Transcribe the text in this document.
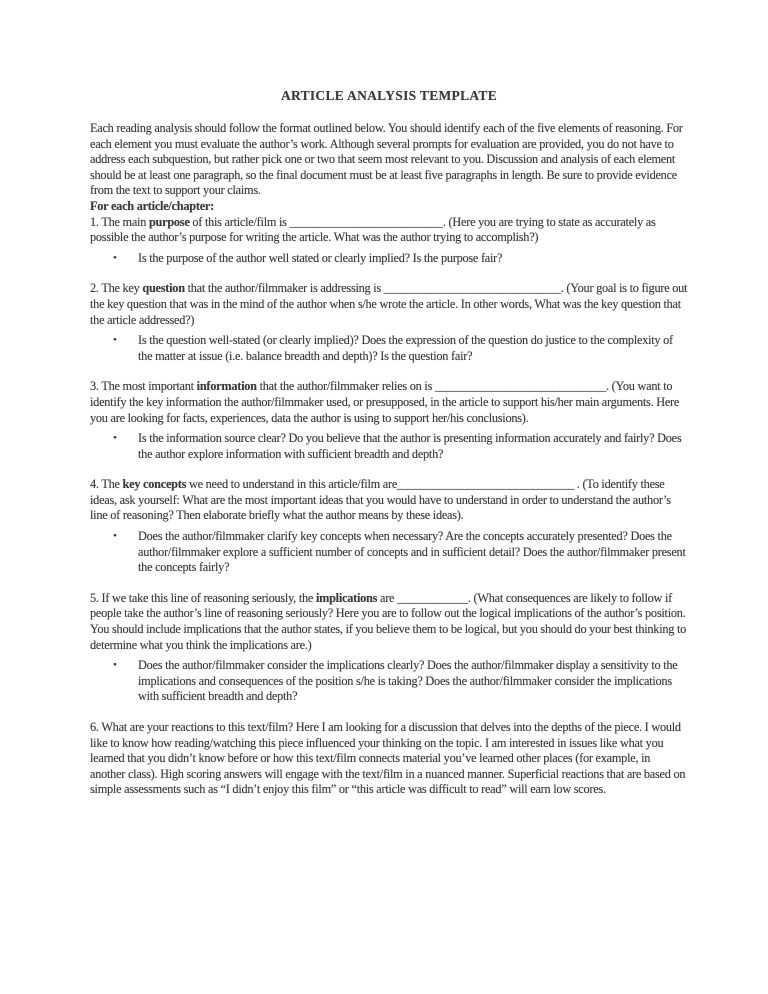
ARTICLE ANALYSIS TEMPLATE

Each reading analysis should follow the format outlined below. You should identify each of the five elements of reasoning. For each element you must evaluate the author’s work. Although several prompts for evaluation are provided, you do not have to address each subquestion, but rather pick one or two that seem most relevant to you. Discussion and analysis of each element should be at least one paragraph, so the final document must be at least five paragraphs in length. Be sure to provide evidence from the text to support your claims.

For each article/chapter:

1. The main purpose of this article/film is __________________________. (Here you are trying to state as accurately as possible the author’s purpose for writing the article. What was the author trying to accomplish?)

•	Is the purpose of the author well stated or clearly implied? Is the purpose fair?

2. The key question that the author/filmmaker is addressing is ______________________________. (Your goal is to figure out the key question that was in the mind of the author when s/he wrote the article. In other words, What was the key question that the article addressed?)

•	Is the question well-stated (or clearly implied)? Does the expression of the question do justice to the complexity of the matter at issue (i.e. balance breadth and depth)? Is the question fair?

3. The most important information that the author/filmmaker relies on is _____________________________. (You want to identify the key information the author/filmmaker used, or presupposed, in the article to support his/her main arguments. Here you are looking for facts, experiences, data the author is using to support her/his conclusions).

•	Is the information source clear? Do you believe that the author is presenting information accurately and fairly? Does the author explore information with sufficient breadth and depth?

4. The key concepts we need to understand in this article/film are______________________________ . (To identify these ideas, ask yourself: What are the most important ideas that you would have to understand in order to understand the author’s line of reasoning? Then elaborate briefly what the author means by these ideas).

•	Does the author/filmmaker clarify key concepts when necessary? Are the concepts accurately presented? Does the author/filmmaker explore a sufficient number of concepts and in sufficient detail? Does the author/filmmaker present the concepts fairly?

5. If we take this line of reasoning seriously, the implications are ____________. (What consequences are likely to follow if people take the author’s line of reasoning seriously? Here you are to follow out the logical implications of the author’s position. You should include implications that the author states, if you believe them to be logical, but you should do your best thinking to determine what you think the implications are.)

•	Does the author/filmmaker consider the implications clearly? Does the author/filmmaker display a sensitivity to the implications and consequences of the position s/he is taking? Does the author/filmmaker consider the implications with sufficient breadth and depth?

6. What are your reactions to this text/film? Here I am looking for a discussion that delves into the depths of the piece. I would like to know how reading/watching this piece influenced your thinking on the topic. I am interested in issues like what you learned that you didn’t know before or how this text/film connects material you’ve learned other places (for example, in another class). High scoring answers will engage with the text/film in a nuanced manner. Superficial reactions that are based on simple assessments such as “I didn’t enjoy this film” or “this article was difficult to read” will earn low scores.
